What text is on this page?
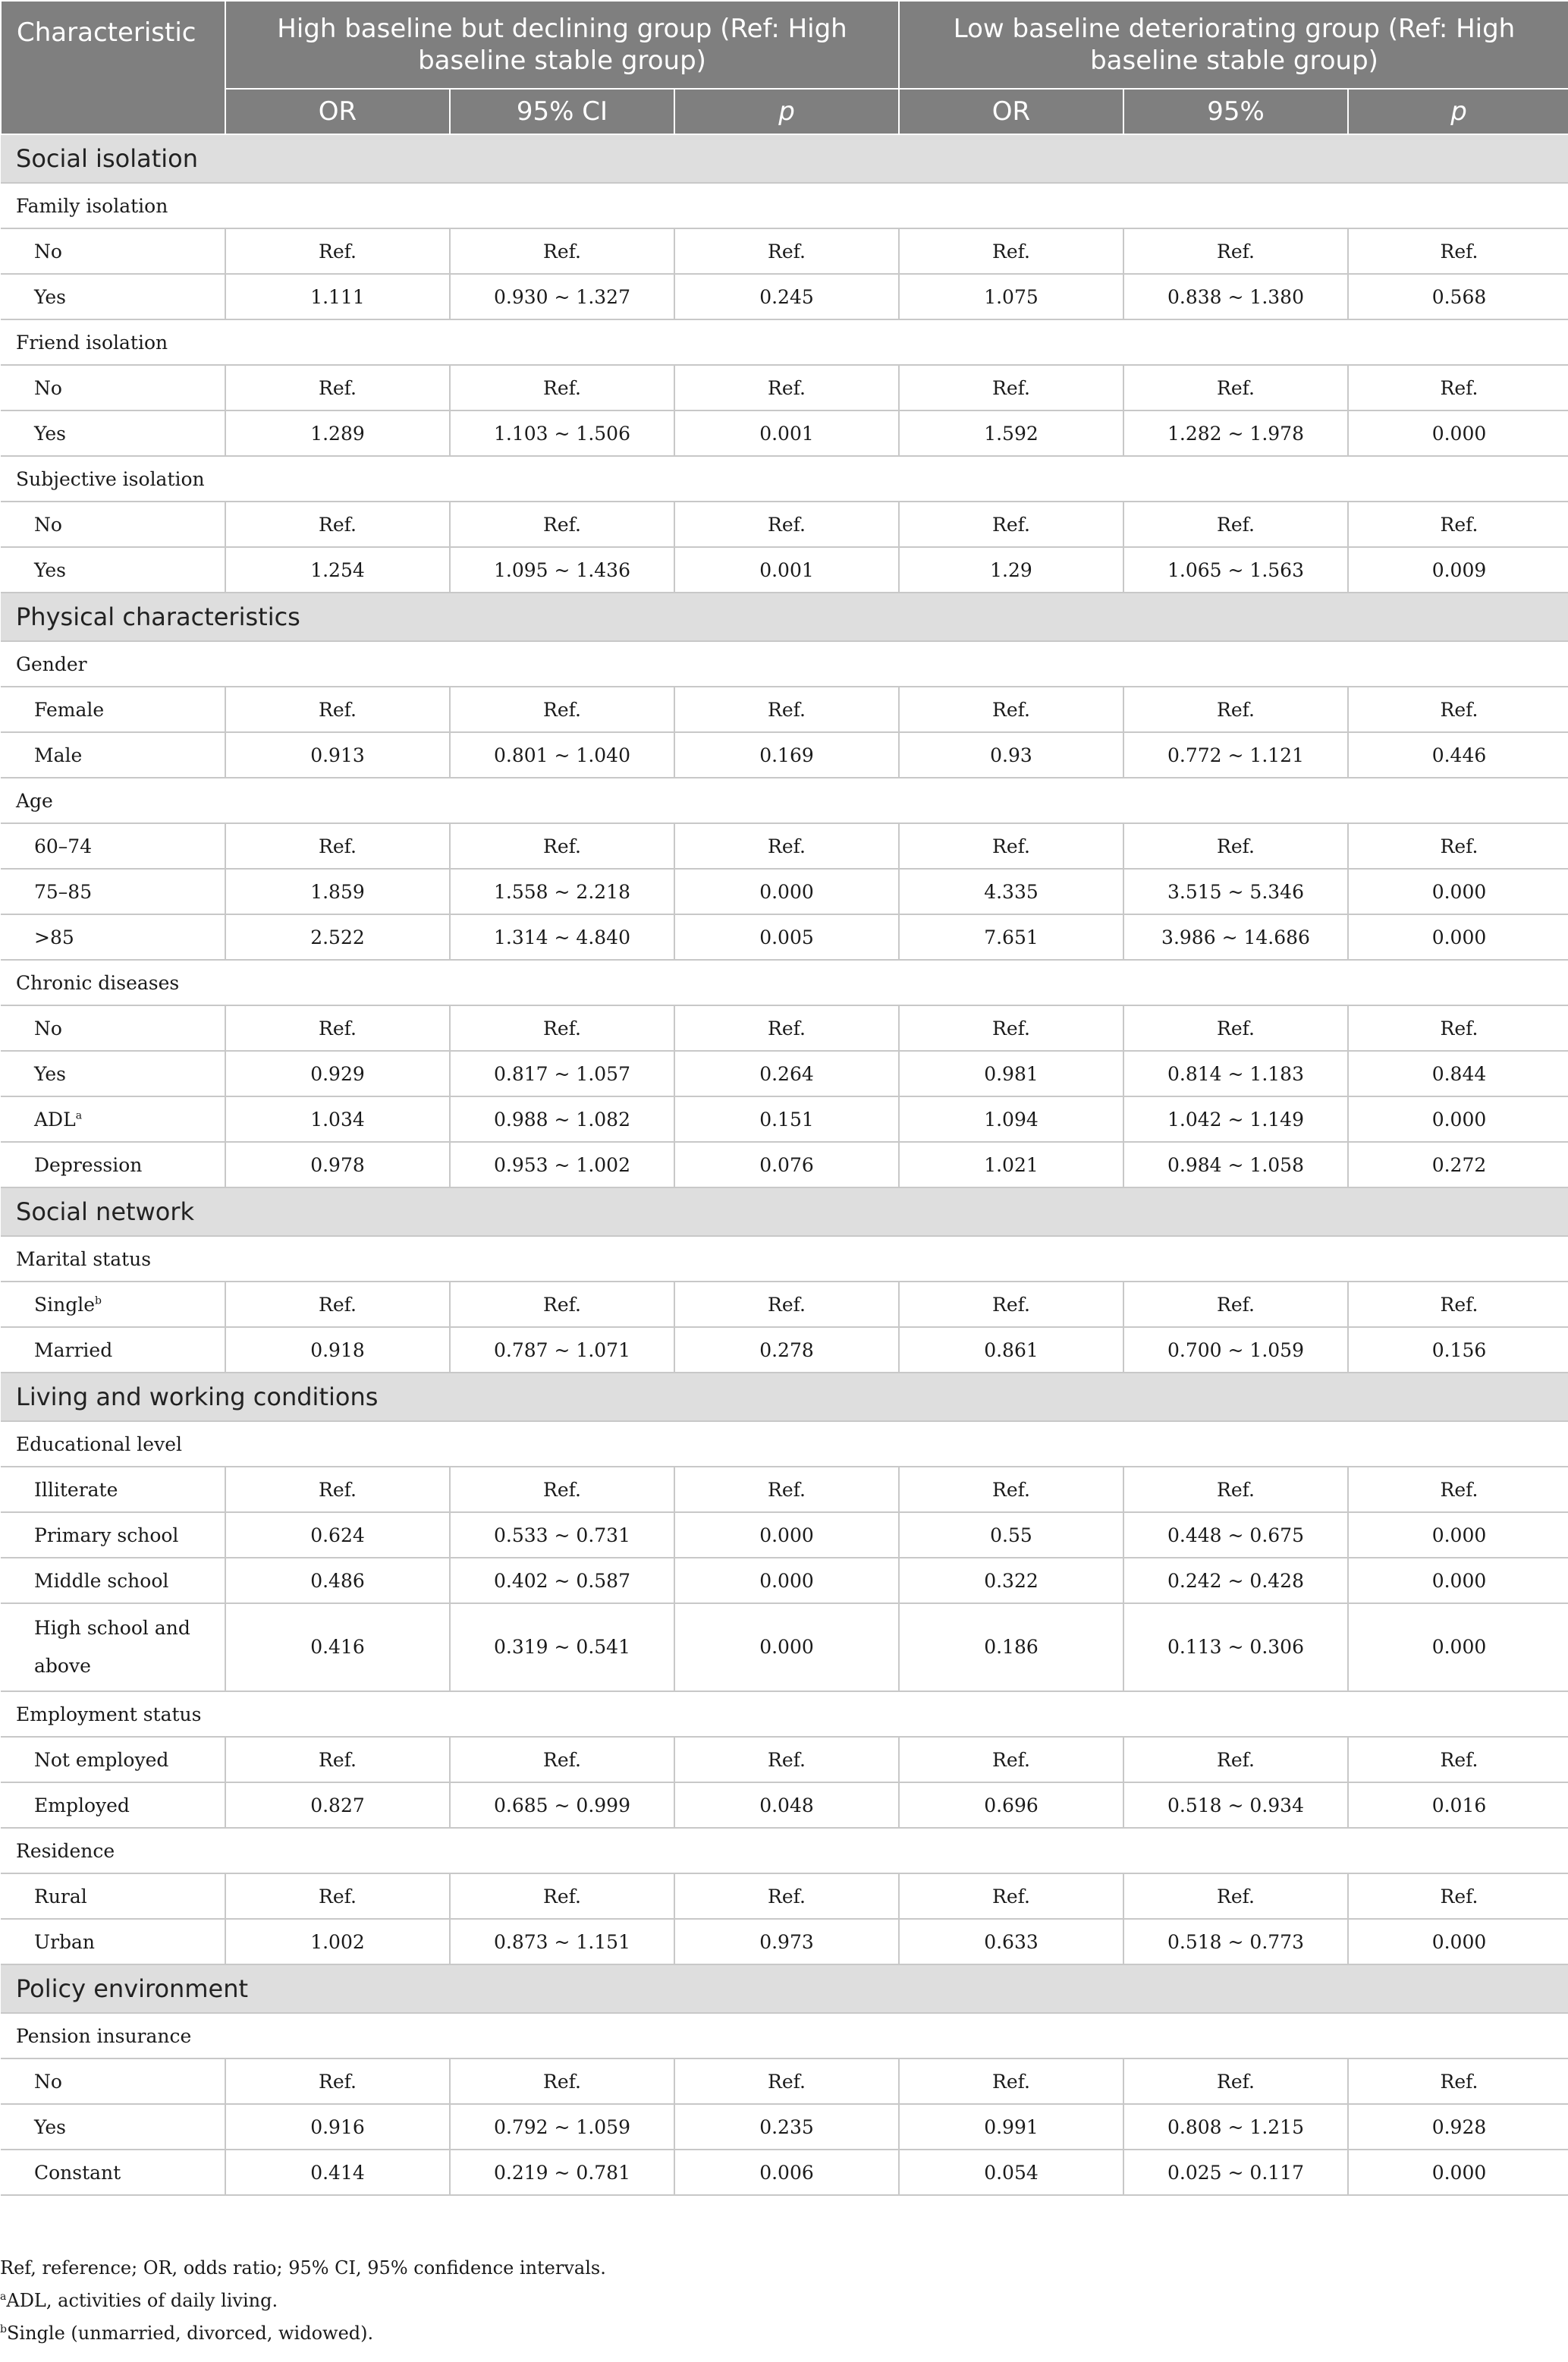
Characteristic	High baseline but declining group (Ref: High baseline stable group)			Low baseline deteriorating group (Ref: High baseline stable group)		
	OR	95% CI	p	OR	95%	p
Social isolation						
Family isolation						
No	Ref.	Ref.	Ref.	Ref.	Ref.	Ref.
Yes	1.111	0.930 ~ 1.327	0.245	1.075	0.838 ~ 1.380	0.568
Friend isolation						
No	Ref.	Ref.	Ref.	Ref.	Ref.	Ref.
Yes	1.289	1.103 ~ 1.506	0.001	1.592	1.282 ~ 1.978	0.000
Subjective isolation						
No	Ref.	Ref.	Ref.	Ref.	Ref.	Ref.
Yes	1.254	1.095 ~ 1.436	0.001	1.29	1.065 ~ 1.563	0.009
Physical characteristics						
Gender						
Female	Ref.	Ref.	Ref.	Ref.	Ref.	Ref.
Male	0.913	0.801 ~ 1.040	0.169	0.93	0.772 ~ 1.121	0.446
Age						
60–74	Ref.	Ref.	Ref.	Ref.	Ref.	Ref.
75–85	1.859	1.558 ~ 2.218	0.000	4.335	3.515 ~ 5.346	0.000
>85	2.522	1.314 ~ 4.840	0.005	7.651	3.986 ~ 14.686	0.000
Chronic diseases						
No	Ref.	Ref.	Ref.	Ref.	Ref.	Ref.
Yes	0.929	0.817 ~ 1.057	0.264	0.981	0.814 ~ 1.183	0.844
ADL$^a$	1.034	0.988 ~ 1.082	0.151	1.094	1.042 ~ 1.149	0.000
Depression	0.978	0.953 ~ 1.002	0.076	1.021	0.984 ~ 1.058	0.272
Social network						
Marital status						
Single$^b$	Ref.	Ref.	Ref.	Ref.	Ref.	Ref.
Married	0.918	0.787 ~ 1.071	0.278	0.861	0.700 ~ 1.059	0.156
Living and working conditions						
Educational level						
Illiterate	Ref.	Ref.	Ref.	Ref.	Ref.	Ref.
Primary school	0.624	0.533 ~ 0.731	0.000	0.55	0.448 ~ 0.675	0.000
Middle school	0.486	0.402 ~ 0.587	0.000	0.322	0.242 ~ 0.428	0.000
High school and above	0.416	0.319 ~ 0.541	0.000	0.186	0.113 ~ 0.306	0.000
Employment status						
Not employed	Ref.	Ref.	Ref.	Ref.	Ref.	Ref.
Employed	0.827	0.685 ~ 0.999	0.048	0.696	0.518 ~ 0.934	0.016
Residence						
Rural	Ref.	Ref.	Ref.	Ref.	Ref.	Ref.
Urban	1.002	0.873 ~ 1.151	0.973	0.633	0.518 ~ 0.773	0.000
Policy environment						
Pension insurance						
No	Ref.	Ref.	Ref.	Ref.	Ref.	Ref.
Yes	0.916	0.792 ~ 1.059	0.235	0.991	0.808 ~ 1.215	0.928
Constant	0.414	0.219 ~ 0.781	0.006	0.054	0.025 ~ 0.117	0.000
Ref, reference; OR, odds ratio; 95% CI, 95% confidence intervals.
$^a$ADL, activities of daily living.
$^b$Single (unmarried, divorced, widowed).
